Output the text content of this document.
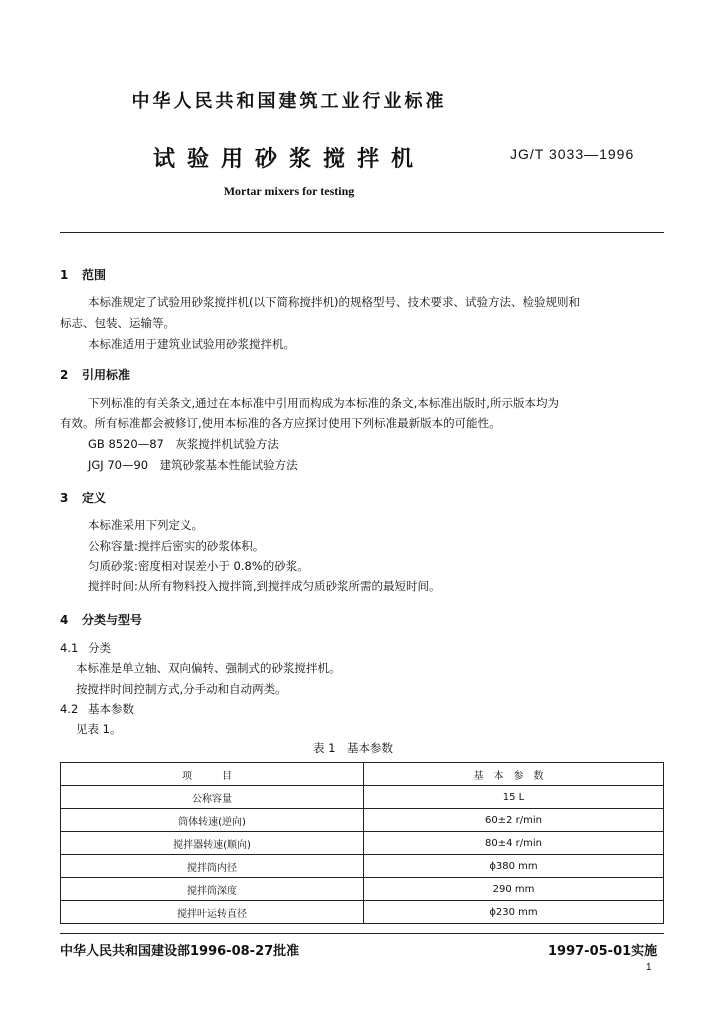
中华人民共和国建筑工业行业标准
试验用砂浆搅拌机	JG/T 3033—1996
Mortar mixers for testing
1 范围
本标准规定了试验用砂浆搅拌机(以下简称搅拌机)的规格型号、技术要求、试验方法、检验规则和
标志、包装、运输等。
本标准适用于建筑业试验用砂浆搅拌机。
2 引用标准
下列标准的有关条文,通过在本标准中引用而构成为本标准的条文,本标准出版时,所示版本均为
有效。所有标准都会被修订,使用本标准的各方应探讨使用下列标准最新版本的可能性。
GB 8520—87　灰浆搅拌机试验方法
JGJ 70—90　建筑砂浆基本性能试验方法
3 定义
本标准采用下列定义。
公称容量:搅拌后密实的砂浆体积。
匀质砂浆:密度相对误差小于 0.8%的砂浆。
搅拌时间:从所有物料投入搅拌筒,到搅拌成匀质砂浆所需的最短时间。
4 分类与型号
4.1 分类
本标准是单立轴、双向偏转、强制式的砂浆搅拌机。
按搅拌时间控制方式,分手动和自动两类。
4.2 基本参数
见表 1。
表 1　基本参数
项　目	基本参数
公称容量	15 L
筒体转速(逆向)	60±2 r/min
搅拌器转速(顺向)	80±4 r/min
搅拌筒内径	ϕ380 mm
搅拌筒深度	290 mm
搅拌叶运转直径	ϕ230 mm
中华人民共和国建设部1996-08-27批准	1997-05-01实施
1
